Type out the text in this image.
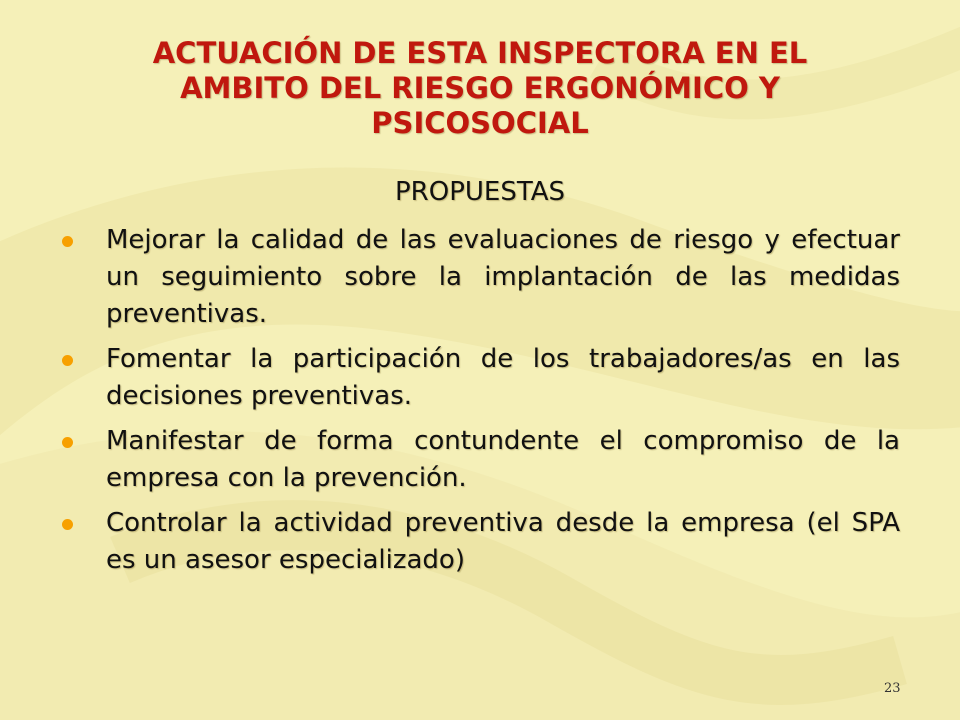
ACTUACIÓN DE ESTA INSPECTORA EN EL
AMBITO DEL RIESGO ERGONÓMICO Y
PSICOSOCIAL
PROPUESTAS
Mejorar la calidad de las evaluaciones de riesgo y efectuar un seguimiento sobre la implantación de las medidas preventivas.
Fomentar la participación de los trabajadores/as en las decisiones preventivas.
Manifestar de forma contundente el compromiso de la empresa con la prevención.
Controlar la actividad preventiva desde la empresa (el SPA es un asesor especializado)
23
